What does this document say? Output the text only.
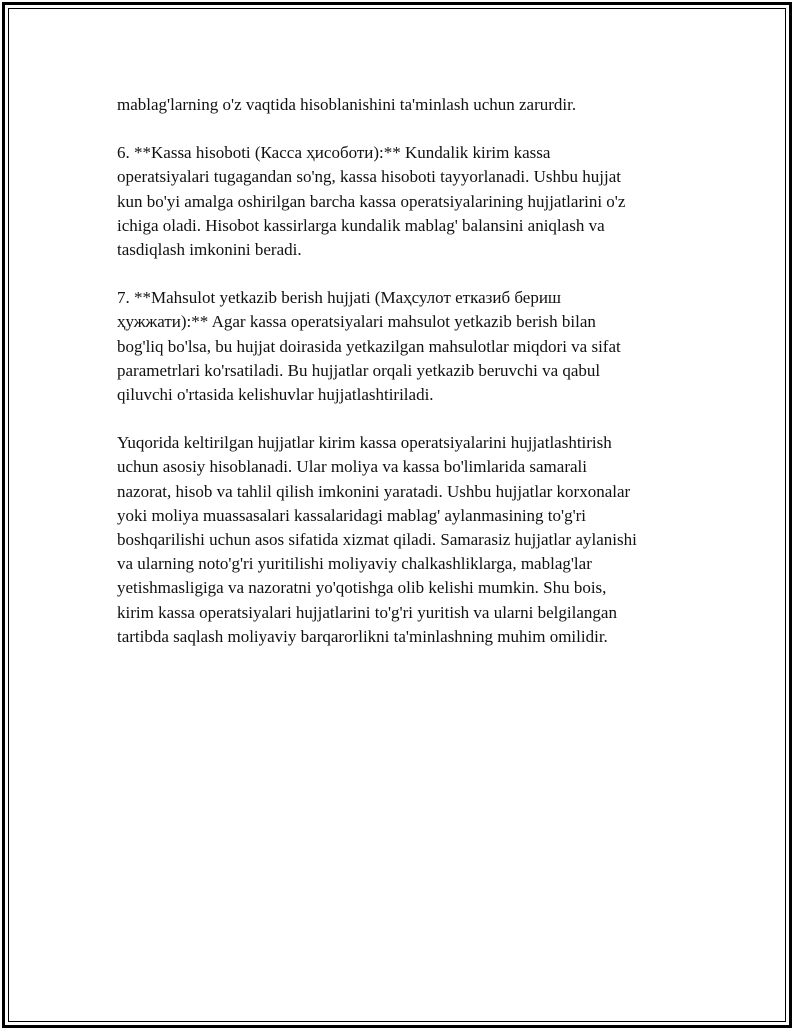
mablag'larning o'z vaqtida hisoblanishini ta'minlash uchun zarurdir.

6. **Kassa hisoboti (Касса ҳисоботи):** Kundalik kirim kassa
operatsiyalari tugagandan so'ng, kassa hisoboti tayyorlanadi. Ushbu hujjat
kun bo'yi amalga oshirilgan barcha kassa operatsiyalarining hujjatlarini o'z
ichiga oladi. Hisobot kassirlarga kundalik mablag' balansini aniqlash va
tasdiqlash imkonini beradi.

7. **Mahsulot yetkazib berish hujjati (Маҳсулот етказиб бериш
ҳужжати):** Agar kassa operatsiyalari mahsulot yetkazib berish bilan
bog'liq bo'lsa, bu hujjat doirasida yetkazilgan mahsulotlar miqdori va sifat
parametrlari ko'rsatiladi. Bu hujjatlar orqali yetkazib beruvchi va qabul
qiluvchi o'rtasida kelishuvlar hujjatlashtiriladi.

Yuqorida keltirilgan hujjatlar kirim kassa operatsiyalarini hujjatlashtirish
uchun asosiy hisoblanadi. Ular moliya va kassa bo'limlarida samarali
nazorat, hisob va tahlil qilish imkonini yaratadi. Ushbu hujjatlar korxonalar
yoki moliya muassasalari kassalaridagi mablag' aylanmasining to'g'ri
boshqarilishi uchun asos sifatida xizmat qiladi. Samarasiz hujjatlar aylanishi
va ularning noto'g'ri yuritilishi moliyaviy chalkashliklarga, mablag'lar
yetishmasligiga va nazoratni yo'qotishga olib kelishi mumkin. Shu bois,
kirim kassa operatsiyalari hujjatlarini to'g'ri yuritish va ularni belgilangan
tartibda saqlash moliyaviy barqarorlikni ta'minlashning muhim omilidir.
